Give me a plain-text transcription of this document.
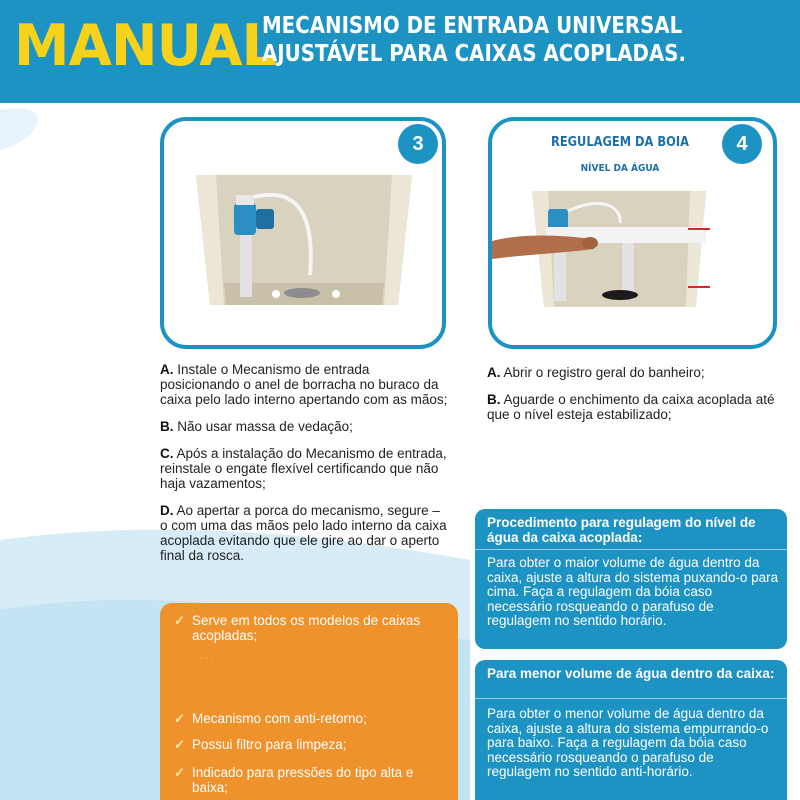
MANUAL
MECANISMO DE ENTRADA UNIVERSAL
AJUSTÁVEL PARA CAIXAS ACOPLADAS.
3	REGULAGEM DA BOIA
NÍVEL DA ÁGUA
4

A. Instale o Mecanismo de entrada posicionando o anel de borracha no buraco da caixa pelo lado interno apertando com as mãos;

B. Não usar massa de vedação;

C. Após a instalação do Mecanismo de entrada, reinstale o engate flexível certificando que não haja vazamentos;

D. Ao apertar a porca do mecanismo, segure – o com uma das mãos pelo lado interno da caixa acoplada evitando que ele gire ao dar o aperto final da rosca.

A. Abrir o registro geral do banheiro;

B. Aguarde o enchimento da caixa acoplada até que o nível esteja estabilizado;

✓ Serve em todos os modelos de caixas acopladas;
. . .
✓ Mecanismo com anti-retorno;
✓ Possui filtro para limpeza;
✓ Indicado para pressões do tipo alta e baixa;
Procedimento para regulagem do nível de água da caixa acoplada:
Para obter o maior volume de água dentro da caixa, ajuste a altura do sistema puxando-o para cima. Faça a regulagem da bóia caso necessário rosqueando o parafuso de regulagem no sentido horário.
Para menor volume de água dentro da caixa:
Para obter o menor volume de água dentro da caixa, ajuste a altura do sistema empurrando-o para baixo. Faça a regulagem da bóia caso necessário rosqueando o parafuso de regulagem no sentido anti-horário.
